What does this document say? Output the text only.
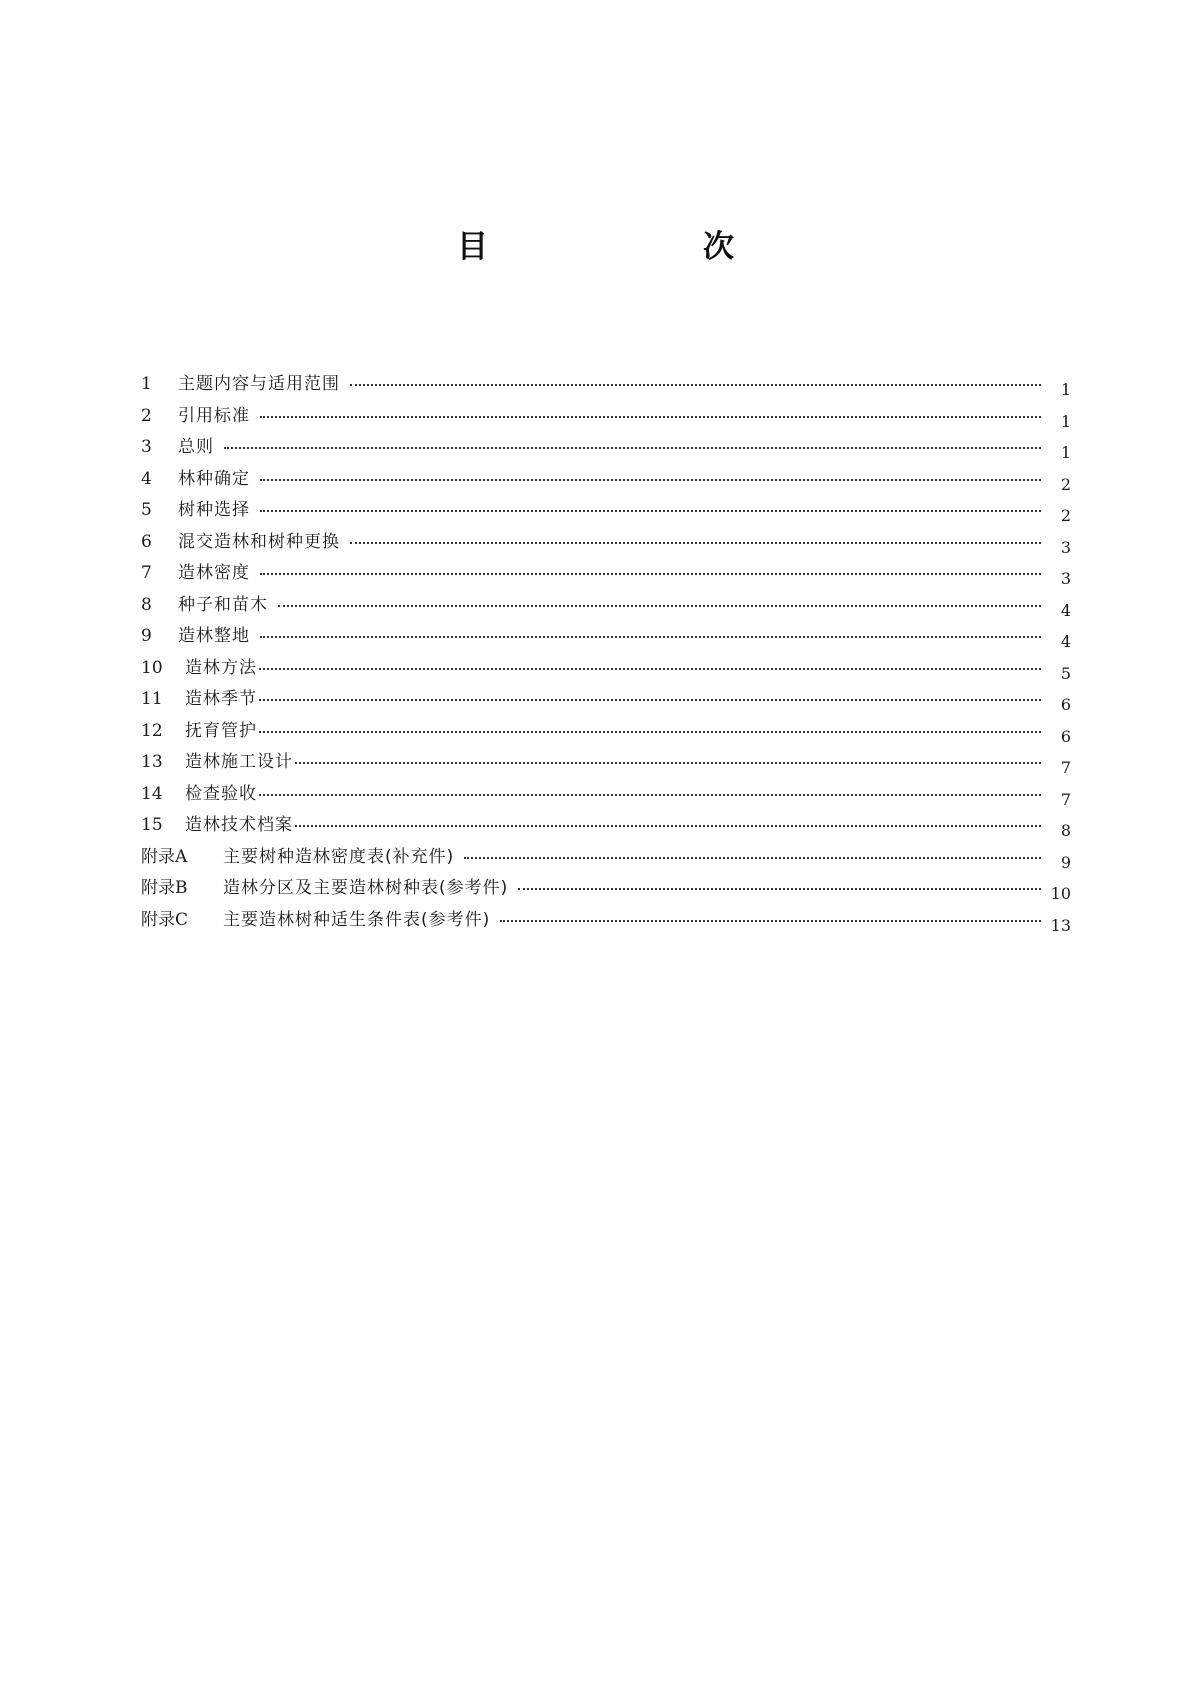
目　次
1	主题内容与适用范围	1
2	引用标准	1
3	总则	1
4	林种确定	2
5	树种选择	2
6	混交造林和树种更换	3
7	造林密度	3
8	种子和苗木	4
9	造林整地	4
10	造林方法	5
11	造林季节	6
12	抚育管护	6
13	造林施工设计	7
14	检查验收	7
15	造林技术档案	8
附录A	主要树种造林密度表(补充件)	9
附录B	造林分区及主要造林树种表(参考件)	10
附录C	主要造林树种适生条件表(参考件)	13
